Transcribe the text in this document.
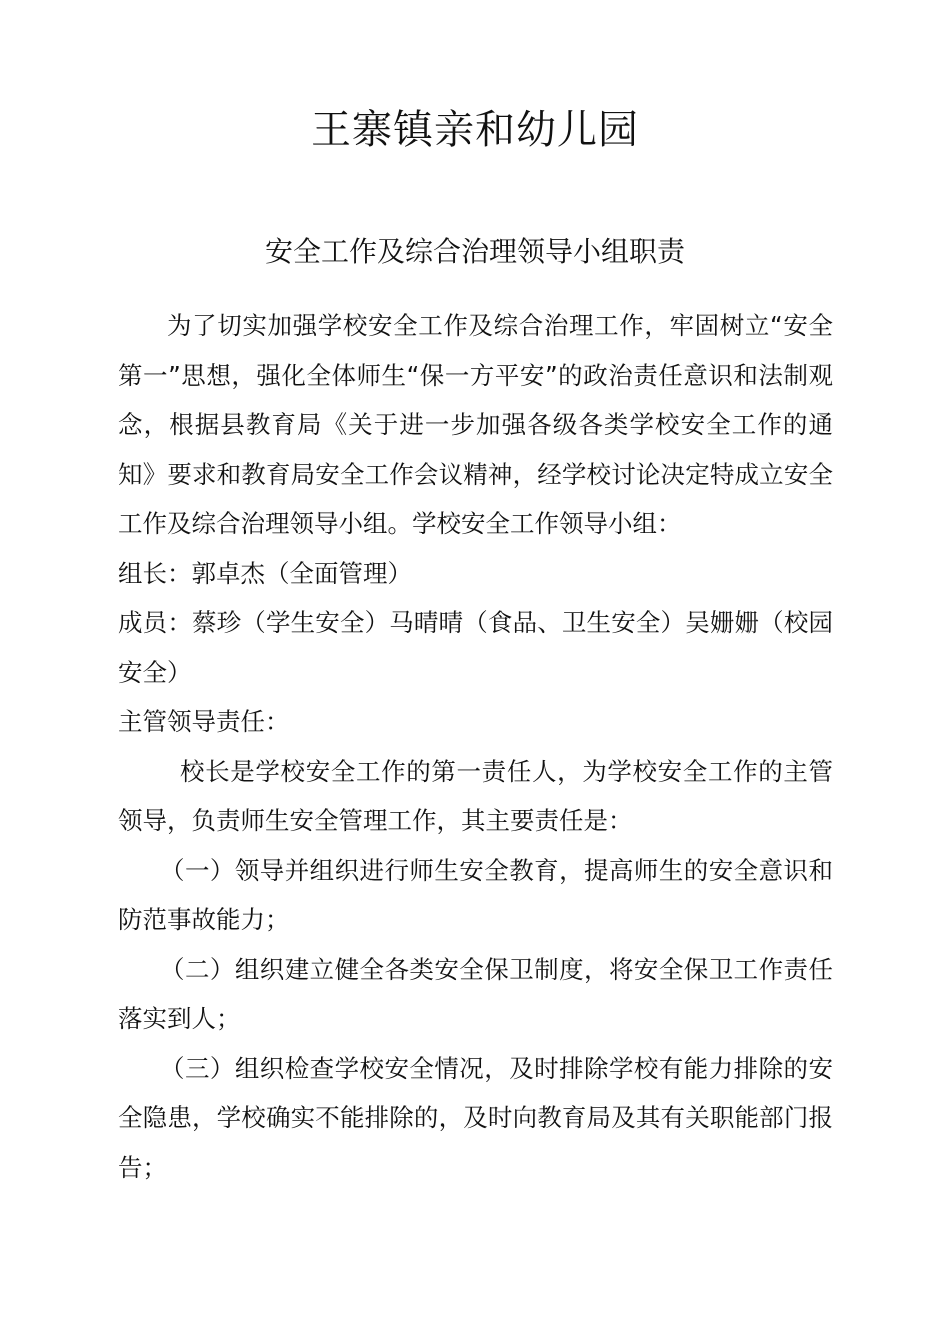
王寨镇亲和幼儿园
安全工作及综合治理领导小组职责

为了切实加强学校安全工作及综合治理工作，牢固树立“安全第一”思想，强化全体师生“保一方平安”的政治责任意识和法制观念，根据县教育局《关于进一步加强各级各类学校安全工作的通知》要求和教育局安全工作会议精神，经学校讨论决定特成立安全工作及综合治理领导小组。学校安全工作领导小组：

组长：郭卓杰（全面管理）

成员：蔡珍（学生安全）马晴晴（食品、卫生安全）吴姗姗（校园安全）

主管领导责任：

校长是学校安全工作的第一责任人，为学校安全工作的主管领导，负责师生安全管理工作，其主要责任是：

（一）领导并组织进行师生安全教育，提高师生的安全意识和防范事故能力；

（二）组织建立健全各类安全保卫制度，将安全保卫工作责任落实到人；

（三）组织检查学校安全情况，及时排除学校有能力排除的安全隐患，学校确实不能排除的，及时向教育局及其有关职能部门报告；
